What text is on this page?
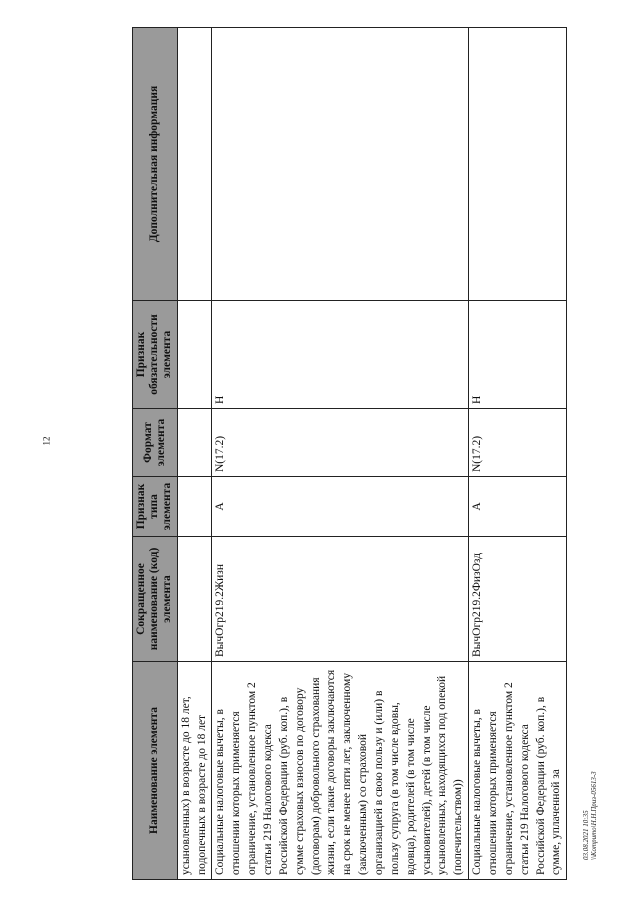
12
Наименование элемента	Сокращенное наименование (код) элемента	Признак типа элемента	Формат элемента	Признак обязательности элемента	Дополнительная информация
усыновленных) в возрасте до 18 лет, подопечных в возрасте до 18 лет					
Социальные налоговые вычеты, в отношении которых применяется ограничение, установленное пунктом 2 статьи 219 Налогового кодекса Российской Федерации (руб. коп.), в сумме страховых взносов по договору (договорам) добровольного страхования жизни, если такие договоры заключаются на срок не менее пяти лет, заключенному (заключенным) со страховой организацией в свою пользу и (или) в пользу супруга (в том числе вдовы, вдовца), родителей (в том числе усыновителей), детей (в том числе усыновленных, находящихся под опекой (попечительством))	ВычОгр219.2Жизн	А	N(17.2)	Н	
Социальные налоговые вычеты, в отношении которых применяется ограничение, установленное пунктом 2 статьи 219 Налогового кодекса Российской Федерации (руб. коп.), в сумме, уплаченной за	ВычОгр219.2ФизОзд	А	N(17.2)	Н	
03.08.2021 10:35 \\Kompumo\Н.Н.Приз-05613-3
